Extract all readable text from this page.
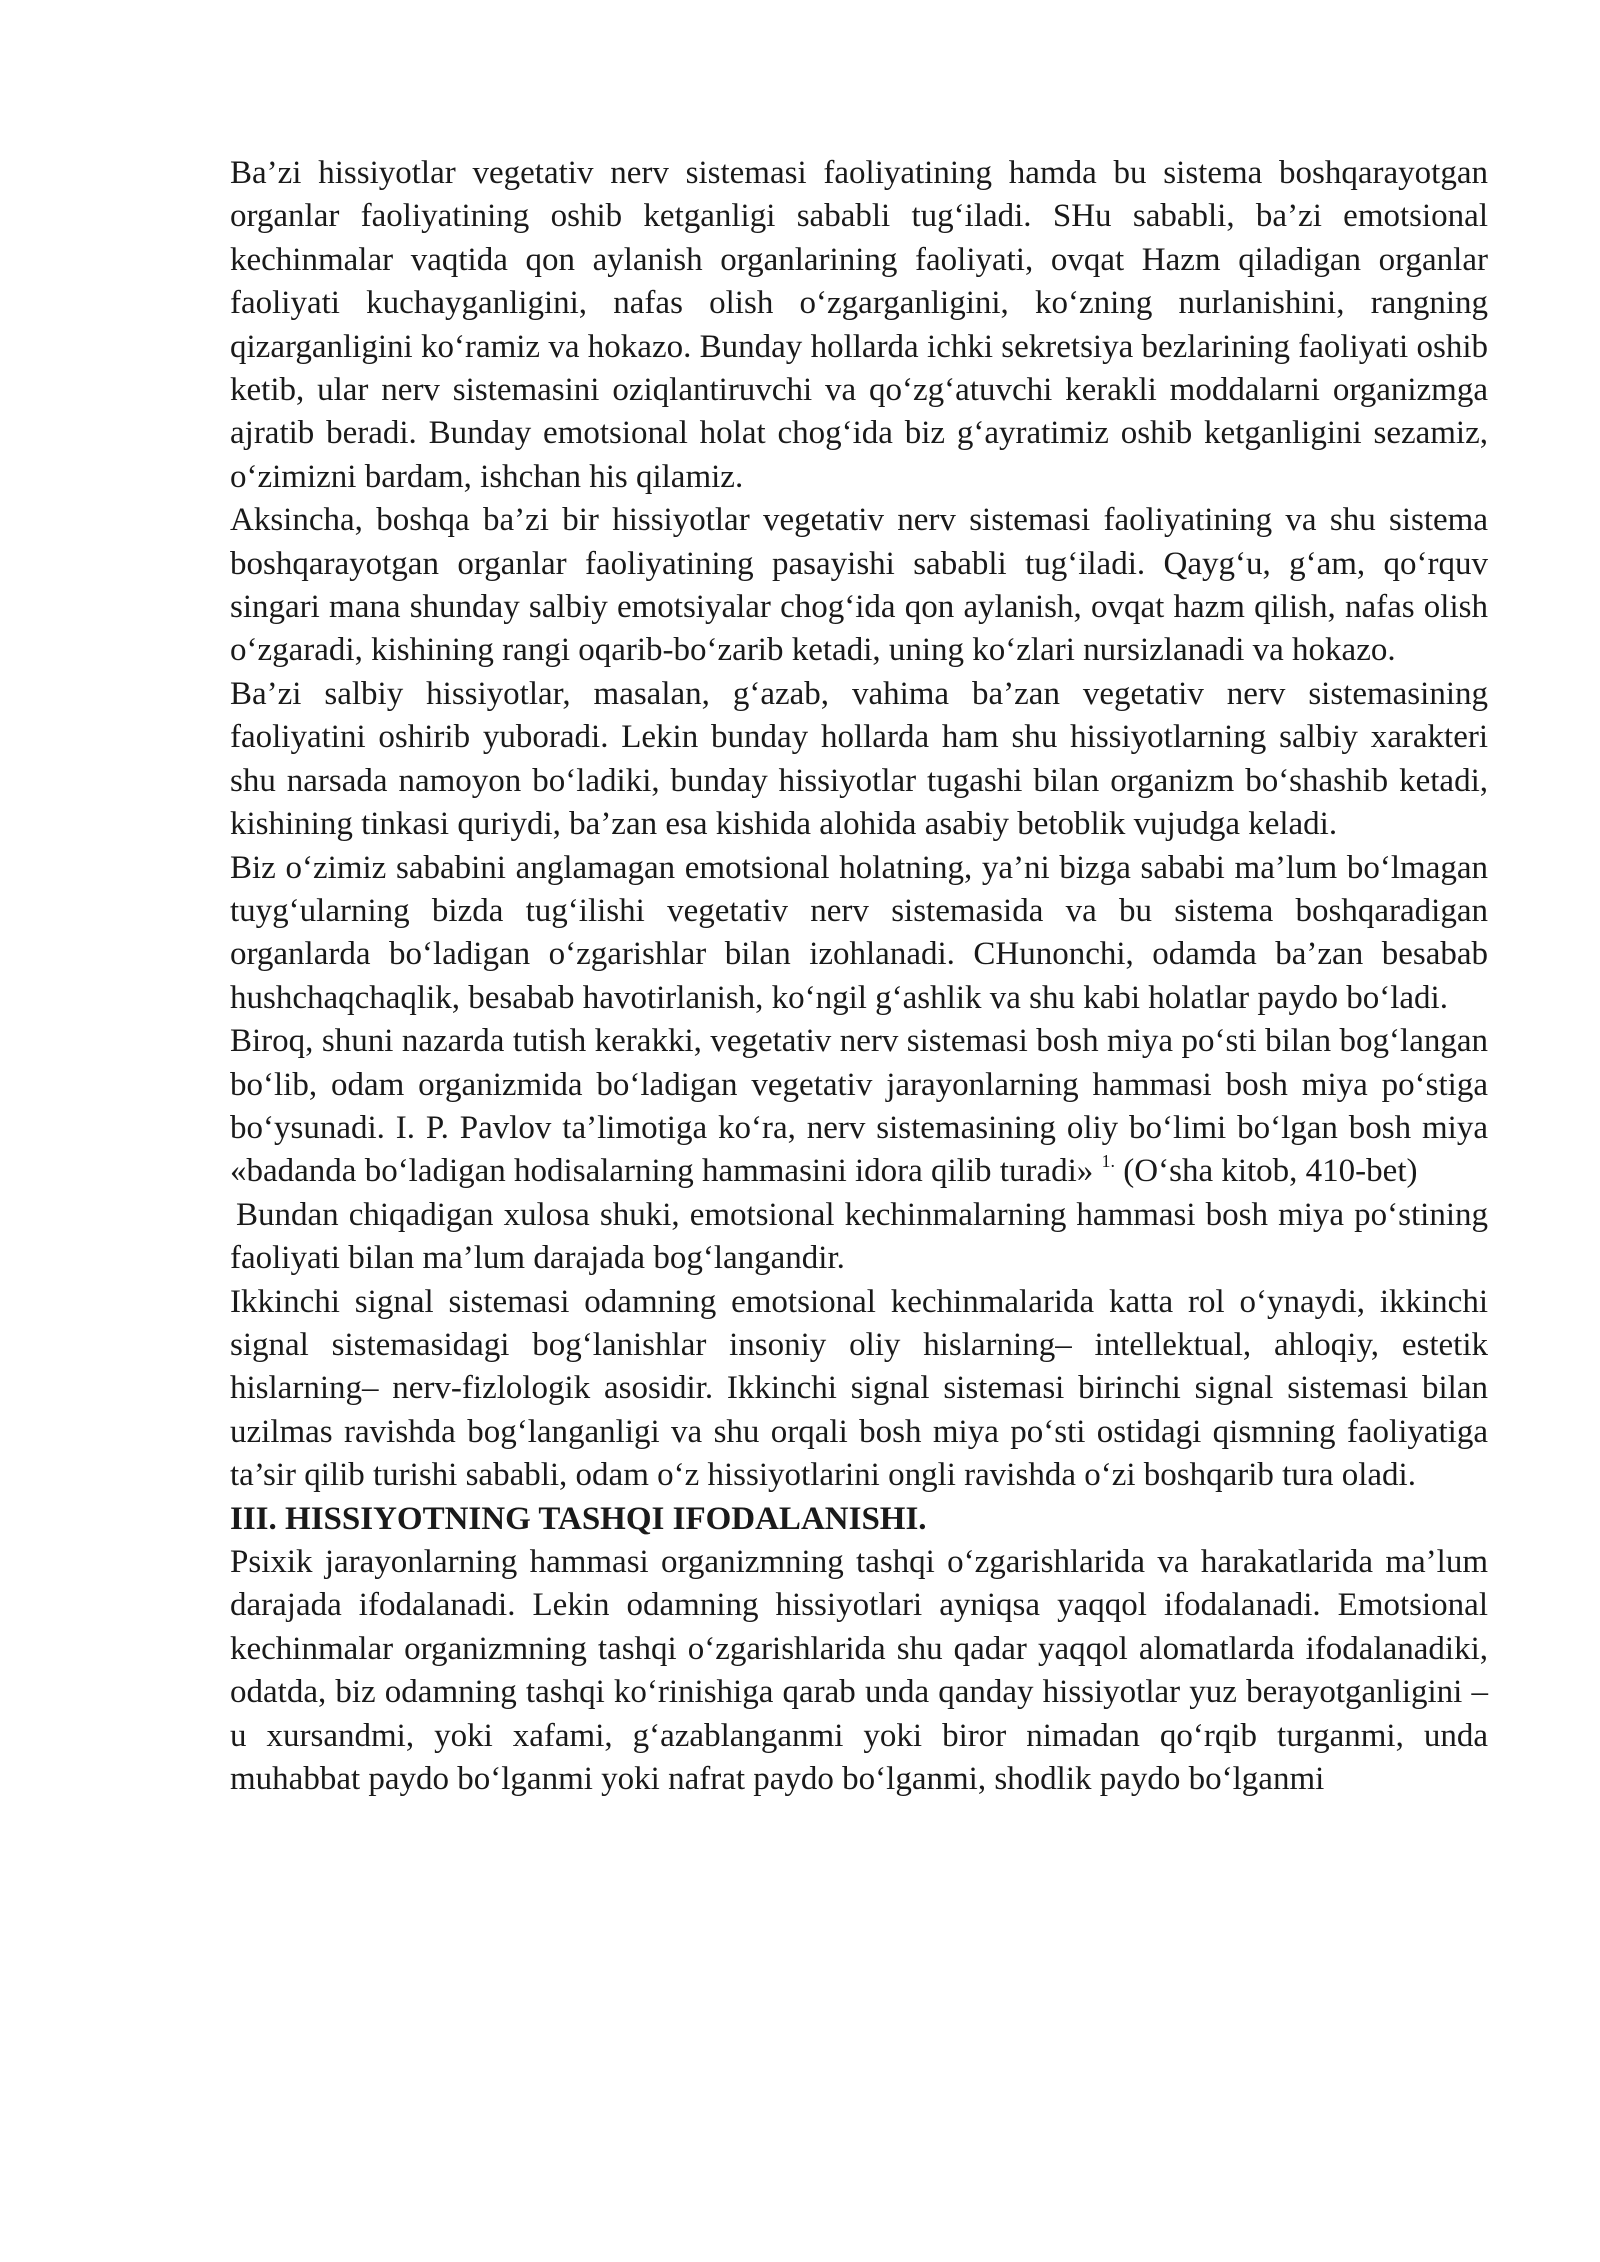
Ba’zi hissiyotlar vegetativ nerv sistemasi faoliyatining hamda bu sistema boshqarayotgan organlar faoliyatining oshib ketganligi sababli tug‘iladi. SHu sababli, ba’zi emotsional kechinmalar vaqtida qon aylanish organlarining faoliyati, ovqat Hazm qiladigan organlar faoliyati kuchayganligini, nafas olish o‘zgarganligini, ko‘zning nurlanishini, rangning qizarganligini ko‘ramiz va hokazo. Bunday hollarda ichki sekretsiya bezlarining faoliyati oshib ketib, ular nerv sistemasini oziqlantiruvchi va qo‘zg‘atuvchi kerakli moddalarni organizmga ajratib beradi. Bunday emotsional holat chog‘ida biz g‘ayratimiz oshib ketganligini sezamiz, o‘zimizni bardam, ishchan his qilamiz.

Aksincha, boshqa ba’zi bir hissiyotlar vegetativ nerv sistemasi faoliyatining va shu sistema boshqarayotgan organlar faoliyatining pasayishi sababli tug‘iladi. Qayg‘u, g‘am, qo‘rquv singari mana shunday salbiy emotsiyalar chog‘ida qon aylanish, ovqat hazm qilish, nafas olish o‘zgaradi, kishining rangi oqarib-bo‘zarib ketadi, uning ko‘zlari nursizlanadi va hokazo.

Ba’zi salbiy hissiyotlar, masalan, g‘azab, vahima ba’zan vegetativ nerv sistemasining faoliyatini oshirib yuboradi. Lekin bunday hollarda ham shu hissiyotlarning salbiy xarakteri shu narsada namoyon bo‘ladiki, bunday hissiyotlar tugashi bilan organizm bo‘shashib ketadi, kishining tinkasi quriydi, ba’zan esa kishida alohida asabiy betoblik vujudga keladi.

Biz o‘zimiz sababini anglamagan emotsional holatning, ya’ni bizga sababi ma’lum bo‘lmagan tuyg‘ularning bizda tug‘ilishi vegetativ nerv sistemasida va bu sistema boshqaradigan organlarda bo‘ladigan o‘zgarishlar bilan izohlanadi. CHunonchi, odamda ba’zan besabab hushchaqchaqlik, besabab havotirlanish, ko‘ngil g‘ashlik va shu kabi holatlar paydo bo‘ladi.

Biroq, shuni nazarda tutish kerakki, vegetativ nerv sistemasi bosh miya po‘sti bilan bog‘langan bo‘lib, odam organizmida bo‘ladigan vegetativ jarayonlarning hammasi bosh miya po‘stiga bo‘ysunadi. I. P. Pavlov ta’limotiga ko‘ra, nerv sistemasining oliy bo‘limi bo‘lgan bosh miya «badanda bo‘ladigan hodisalarning hammasini idora qilib turadi» $^{1.}$ (O‘sha kitob, 410-bet)

Bundan chiqadigan xulosa shuki, emotsional kechinmalarning hammasi bosh miya po‘stining faoliyati bilan ma’lum darajada bog‘langandir.

Ikkinchi signal sistemasi odamning emotsional kechinmalarida katta rol o‘ynaydi, ikkinchi signal sistemasidagi bog‘lanishlar insoniy oliy hislarning– intellektual, ahloqiy, estetik hislarning– nerv-fizlologik asosidir. Ikkinchi signal sistemasi birinchi signal sistemasi bilan uzilmas ravishda bog‘langanligi va shu orqali bosh miya po‘sti ostidagi qismning faoliyatiga ta’sir qilib turishi sababli, odam o‘z hissiyotlarini ongli ravishda o‘zi boshqarib tura oladi.

III. HISSIYOTNING TASHQI IFODALANISHI.

Psixik jarayonlarning hammasi organizmning tashqi o‘zgarishlarida va harakatlarida ma’lum darajada ifodalanadi. Lekin odamning hissiyotlari ayniqsa yaqqol ifodalanadi. Emotsional kechinmalar organizmning tashqi o‘zgarishlarida shu qadar yaqqol alomatlarda ifodalanadiki, odatda, biz odamning tashqi ko‘rinishiga qarab unda qanday hissiyotlar yuz berayotganligini – u xursandmi, yoki xafami, g‘azablanganmi yoki biror nimadan qo‘rqib turganmi, unda muhabbat paydo bo‘lganmi yoki nafrat paydo bo‘lganmi, shodlik paydo bo‘lganmi
